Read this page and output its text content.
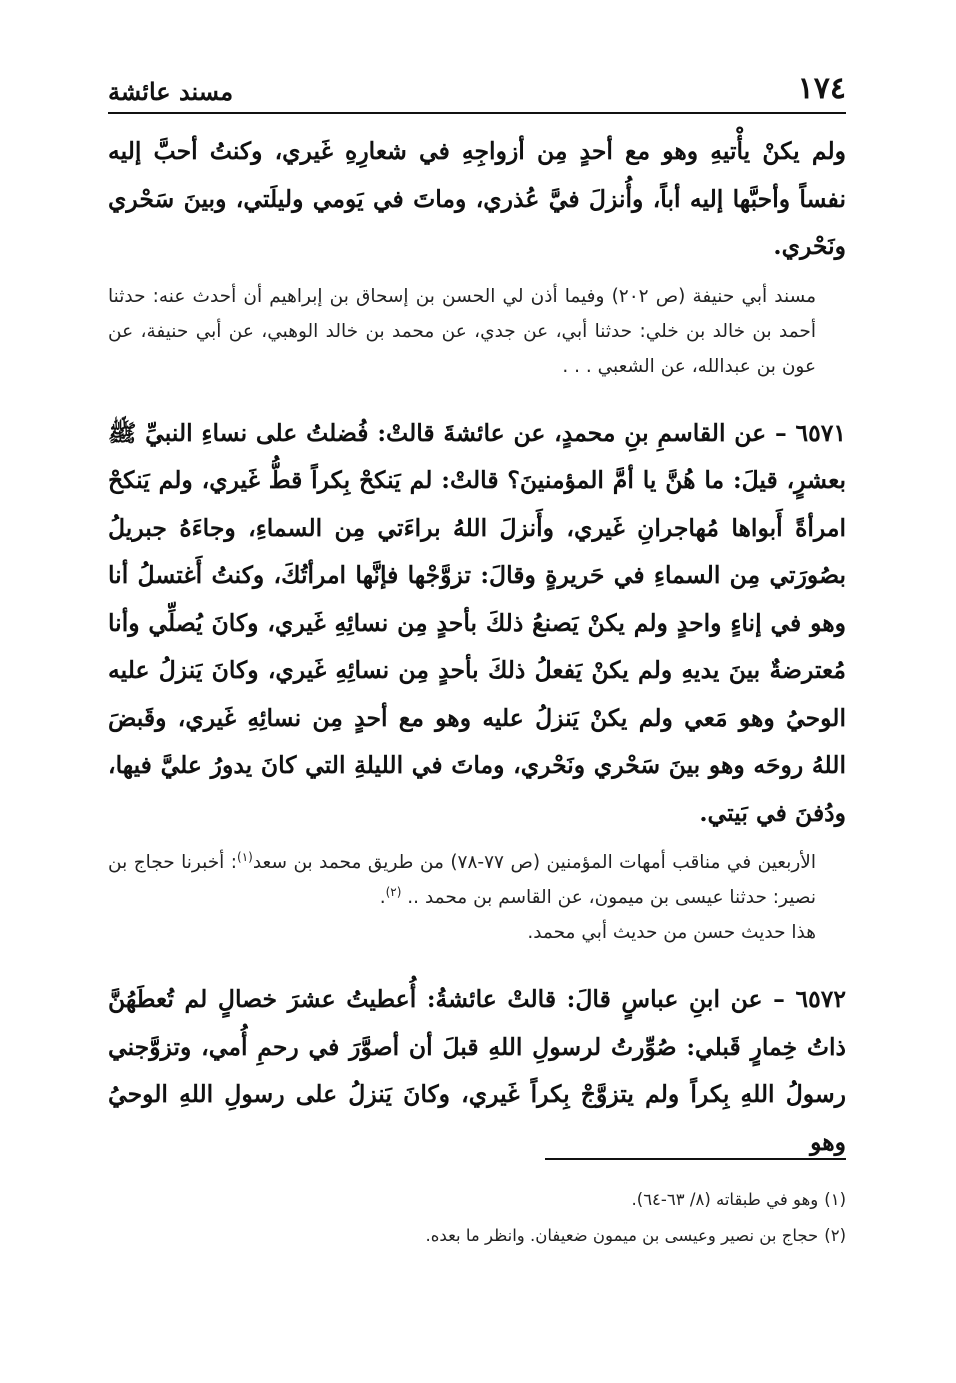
١٧٤
مسند عائشة

ولم يكنْ يأْتيهِ وهو مع أحدٍ مِن أزواجِهِ في شعارِهِ غَيري، وكنتُ أحبَّ إليه نفساً وأحبَّها إليه أباً، وأُنزلَ فيَّ عُذري، وماتَ في يَومي وليلَتي، وبينَ سَحْري ونَحْري.

مسند أبي حنيفة (ص ٢٠٢) وفيما أذن لي الحسن بن إسحاق بن إبراهيم أن أحدث عنه: حدثنا أحمد بن خالد بن خلي: حدثنا أبي، عن جدي، عن محمد بن خالد الوهبي، عن أبي حنيفة، عن عون بن عبدالله، عن الشعبي . . .

٦٥٧١ – عن القاسمِ بنِ محمدٍ، عن عائشةَ قالتْ: فُضلتُ على نساءِ النبيِّ ﷺ بعشرٍ، قيلَ: ما هُنَّ يا أمَّ المؤمنينَ؟ قالتْ: لم يَنكحْ بِكراً قطُّ غَيري، ولم يَنكحْ امرأةً أَبواها مُهاجرانِ غَيري، وأَنزلَ اللهُ براءَتي مِن السماءِ، وجاءَهُ جبريلُ بصُورَتي مِن السماءِ في حَريرةٍ وقالَ: تزوَّجْها فإنَّها امرأتُكَ، وكنتُ أَغتسلُ أنا وهو في إناءٍ واحدٍ ولم يكنْ يَصنعُ ذلكَ بأحدٍ مِن نسائِهِ غَيري، وكانَ يُصلِّي وأنا مُعترضةٌ بينَ يديهِ ولم يكنْ يَفعلُ ذلكَ بأحدٍ مِن نسائِهِ غَيري، وكانَ يَنزلُ عليه الوحيُ وهو مَعي ولم يكنْ يَنزلُ عليه وهو مع أحدٍ مِن نسائِهِ غَيري، وقَبضَ اللهُ روحَه وهو بينَ سَحْري ونَحْري، وماتَ في الليلةِ التي كانَ يدورُ عليَّ فيها، ودُفنَ في بَيتي.

الأربعين في مناقب أمهات المؤمنين (ص ٧٧-٧٨) من طريق محمد بن سعد$^{(١)}$: أخبرنا حجاج بن نصير: حدثنا عيسى بن ميمون، عن القاسم بن محمد .. $^{(٢)}$.

هذا حديث حسن من حديث أبي محمد.

٦٥٧٢ – عن ابنِ عباسٍ قالَ: قالتْ عائشةُ: أُعطيتُ عشرَ خصالٍ لم تُعطَهُنَّ ذاتُ خِمارٍ قَبلي: صُوِّرتُ لرسولِ اللهِ قبلَ أن أصوَّرَ في رحمِ أُمي، وتزوَّجني رسولُ اللهِ بِكراً ولم يتزوَّجْ بِكراً غَيري، وكانَ يَنزلُ على رسولِ اللهِ الوحيُ وهو

(١)وهو في طبقاته (٨/ ٦٣-٦٤).
(٢)حجاج بن نصير وعيسى بن ميمون ضعيفان. وانظر ما بعده.
